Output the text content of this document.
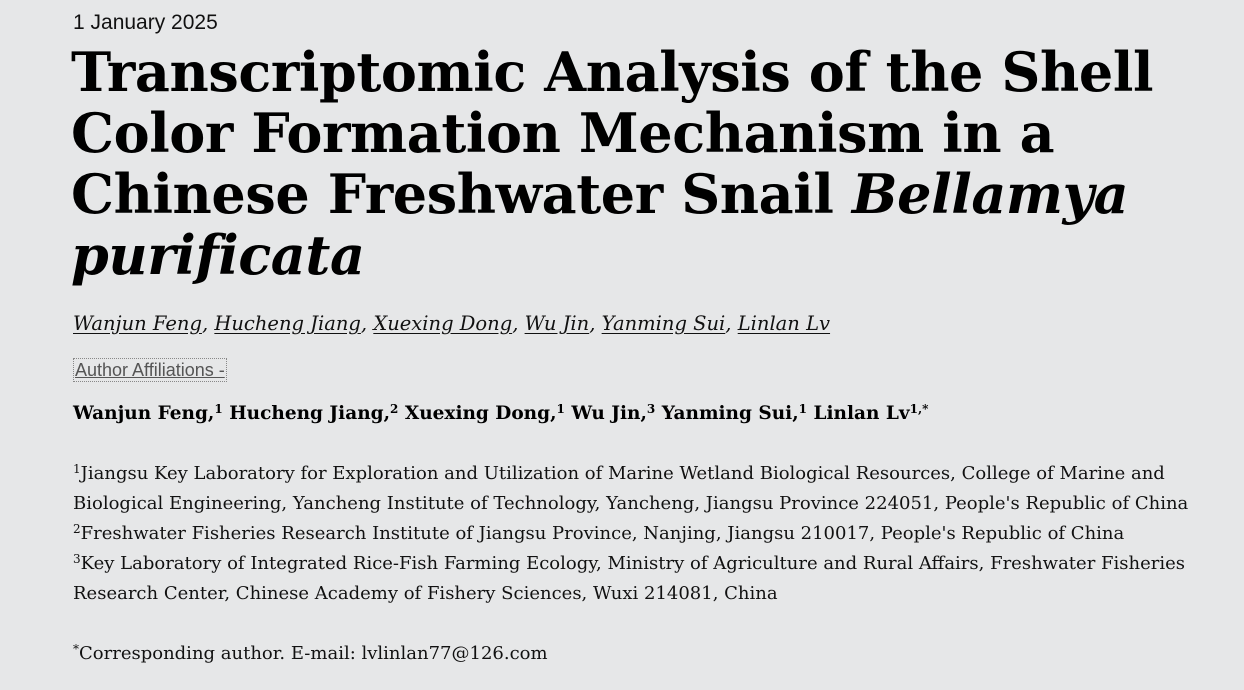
1 January 2025
Transcriptomic Analysis of the Shell Color Formation Mechanism in a Chinese Freshwater Snail Bellamya purificata
Wanjun Feng, Hucheng Jiang, Xuexing Dong, Wu Jin, Yanming Sui, Linlan Lv
Author Affiliations -
Wanjun Feng,$^1$ Hucheng Jiang,$^2$ Xuexing Dong,$^1$ Wu Jin,$^3$ Yanming Sui,$^1$ Linlan $Lv^{1,*}$

$^1$Jiangsu Key Laboratory for Exploration and Utilization of Marine Wetland Biological Resources, College of Marine and Biological Engineering, Yancheng Institute of Technology, Yancheng, Jiangsu Province 224051, People's Republic of China

$^2$Freshwater Fisheries Research Institute of Jiangsu Province, Nanjing, Jiangsu 210017, People's Republic of China

$^3$Key Laboratory of Integrated Rice-Fish Farming Ecology, Ministry of Agriculture and Rural Affairs, Freshwater Fisheries Research Center, Chinese Academy of Fishery Sciences, Wuxi 214081, China

*Corresponding author. E-mail: lvlinlan77@126.com
